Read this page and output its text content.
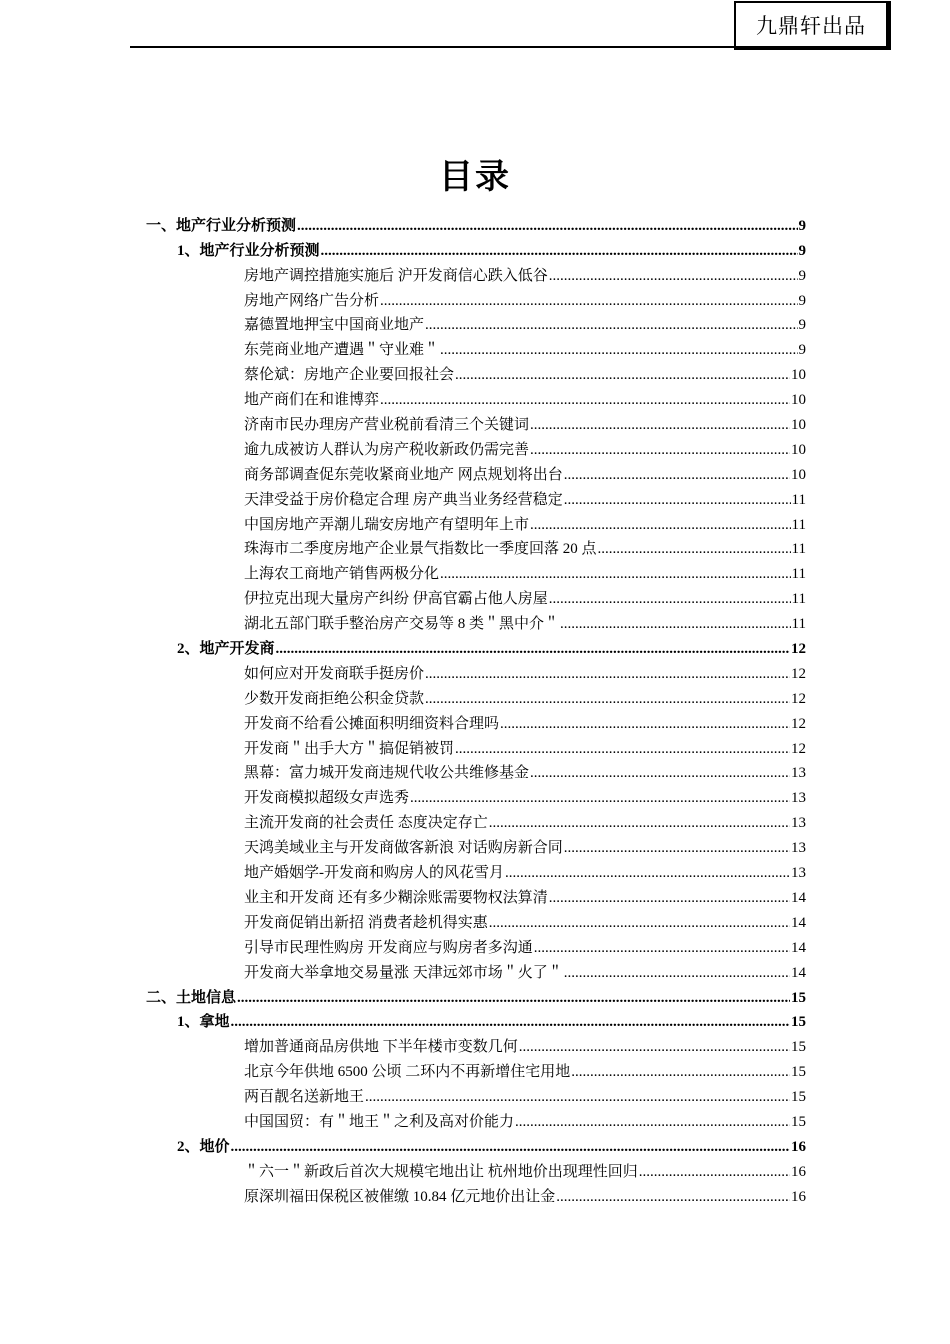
九鼎轩出品
目录
一、地产行业分析预测 .....	9
1、地产行业分析预测 .....	9
房地产调控措施实施后 沪开发商信心跌入低谷 .....	9
房地产网络广告分析 .....	9
嘉德置地押宝中国商业地产 .....	9
东莞商业地产遭遇＂守业难＂ .....	9
蔡伦斌：房地产企业要回报社会 .....	10
地产商们在和谁博弈 .....	10
济南市民办理房产营业税前看清三个关键词 .....	10
逾九成被访人群认为房产税收新政仍需完善 .....	10
商务部调查促东莞收紧商业地产 网点规划将出台 .....	10
天津受益于房价稳定合理 房产典当业务经营稳定 .....	11
中国房地产弄潮儿瑞安房地产有望明年上市 .....	11
珠海市二季度房地产企业景气指数比一季度回落 20 点 .....	11
上海农工商地产销售两极分化 .....	11
伊拉克出现大量房产纠纷 伊高官霸占他人房屋 .....	11
湖北五部门联手整治房产交易等 8 类＂黑中介＂ .....	11
2、地产开发商 .....	12
如何应对开发商联手挺房价 .....	12
少数开发商拒绝公积金贷款 .....	12
开发商不给看公摊面积明细资料合理吗 .....	12
开发商＂出手大方＂搞促销被罚 .....	12
黑幕：富力城开发商违规代收公共维修基金 .....	13
开发商模拟超级女声选秀 .....	13
主流开发商的社会责任 态度决定存亡 .....	13
天鸿美域业主与开发商做客新浪 对话购房新合同 .....	13
地产婚姻学-开发商和购房人的风花雪月 .....	13
业主和开发商 还有多少糊涂账需要物权法算清 .....	14
开发商促销出新招 消费者趁机得实惠 .....	14
引导市民理性购房 开发商应与购房者多沟通 .....	14
开发商大举拿地交易量涨 天津远郊市场＂火了＂ .....	14
二、土地信息 .....	15
1、拿地 .....	15
增加普通商品房供地 下半年楼市变数几何 .....	15
北京今年供地 6500 公顷 二环内不再新增住宅用地 .....	15
两百靓名送新地王 .....	15
中国国贸：有＂地王＂之利及高对价能力 .....	15
2、地价 .....	16
＂六一＂新政后首次大规模宅地出让 杭州地价出现理性回归 .....	16
原深圳福田保税区被催缴 10.84 亿元地价出让金 .....	16
